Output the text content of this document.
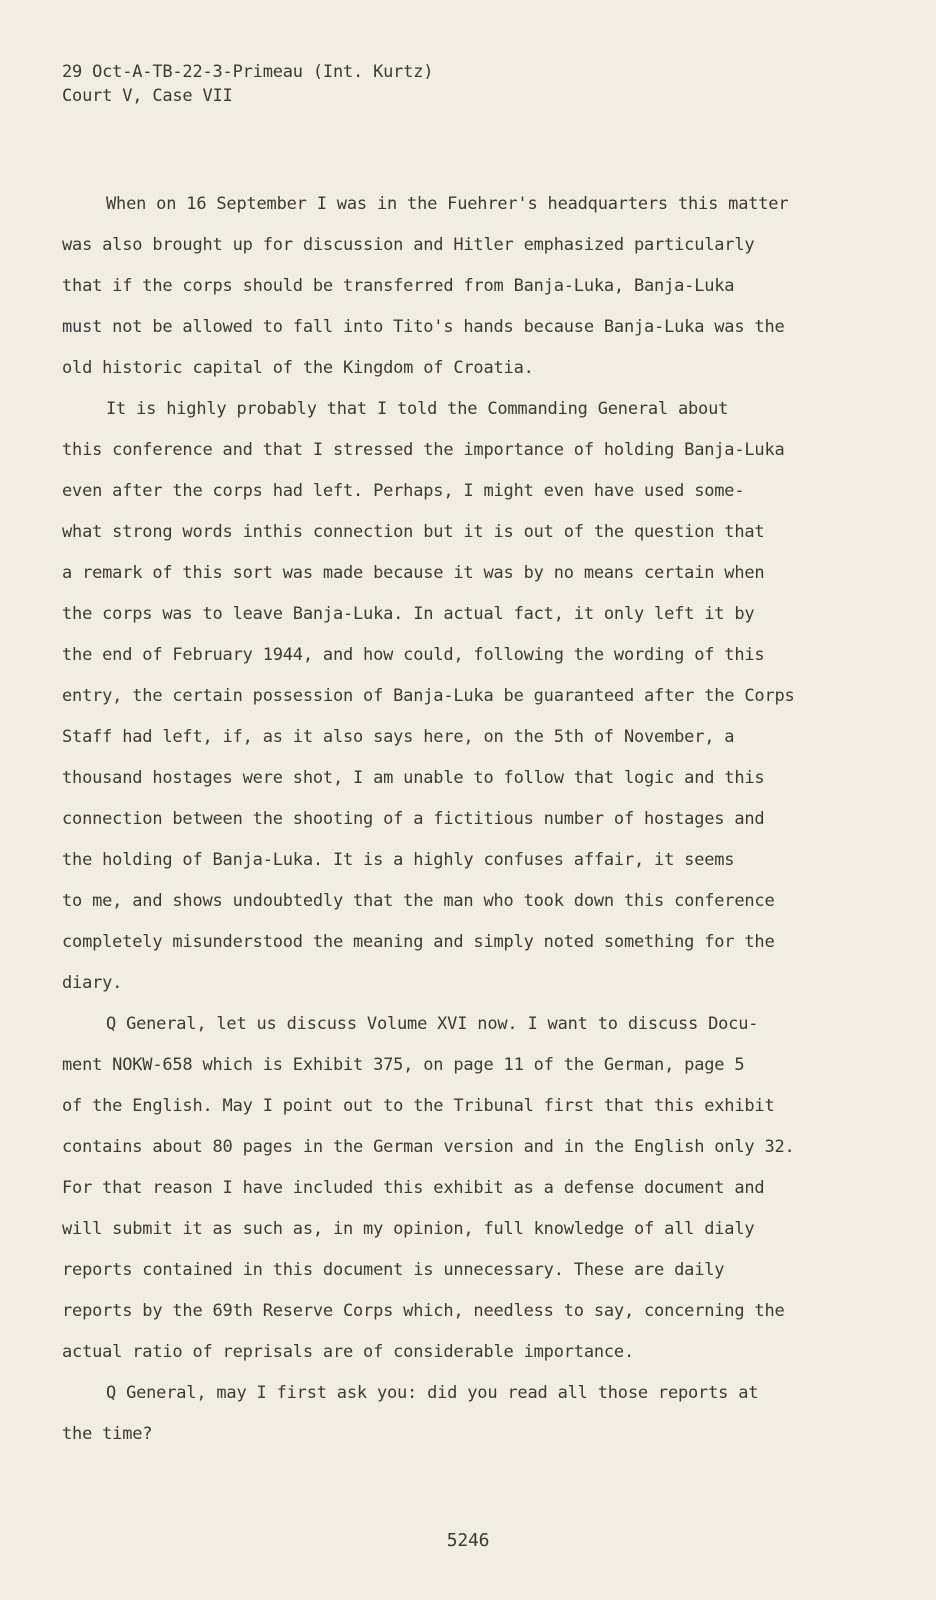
29 Oct-A-TB-22-3-Primeau (Int. Kurtz)
Court V, Case VII
When on 16 September I was in the Fuehrer's headquarters this matter
was also brought up for discussion and Hitler emphasized particularly
that if the corps should be transferred from Banja-Luka, Banja-Luka
must not be allowed to fall into Tito's hands because Banja-Luka was the
old historic capital of the Kingdom of Croatia.
It is highly probably that I told the Commanding General about
this conference and that I stressed the importance of holding Banja-Luka
even after the corps had left. Perhaps, I might even have used some-
what strong words inthis connection but it is out of the question that
a remark of this sort was made because it was by no means certain when
the corps was to leave Banja-Luka. In actual fact, it only left it by
the end of February 1944, and how could, following the wording of this
entry, the certain possession of Banja-Luka be guaranteed after the Corps
Staff had left, if, as it also says here, on the 5th of November, a
thousand hostages were shot, I am unable to follow that logic and this
connection between the shooting of a fictitious number of hostages and
the holding of Banja-Luka. It is a highly confuses affair, it seems
to me, and shows undoubtedly that the man who took down this conference
completely misunderstood the meaning and simply noted something for the
diary.
Q General, let us discuss Volume XVI now. I want to discuss Docu-
ment NOKW-658 which is Exhibit 375, on page 11 of the German, page 5
of the English. May I point out to the Tribunal first that this exhibit
contains about 80 pages in the German version and in the English only 32.
For that reason I have included this exhibit as a defense document and
will submit it as such as, in my opinion, full knowledge of all dialy
reports contained in this document is unnecessary. These are daily
reports by the 69th Reserve Corps which, needless to say, concerning the
actual ratio of reprisals are of considerable importance.
Q General, may I first ask you: did you read all those reports at
the time?
5246
